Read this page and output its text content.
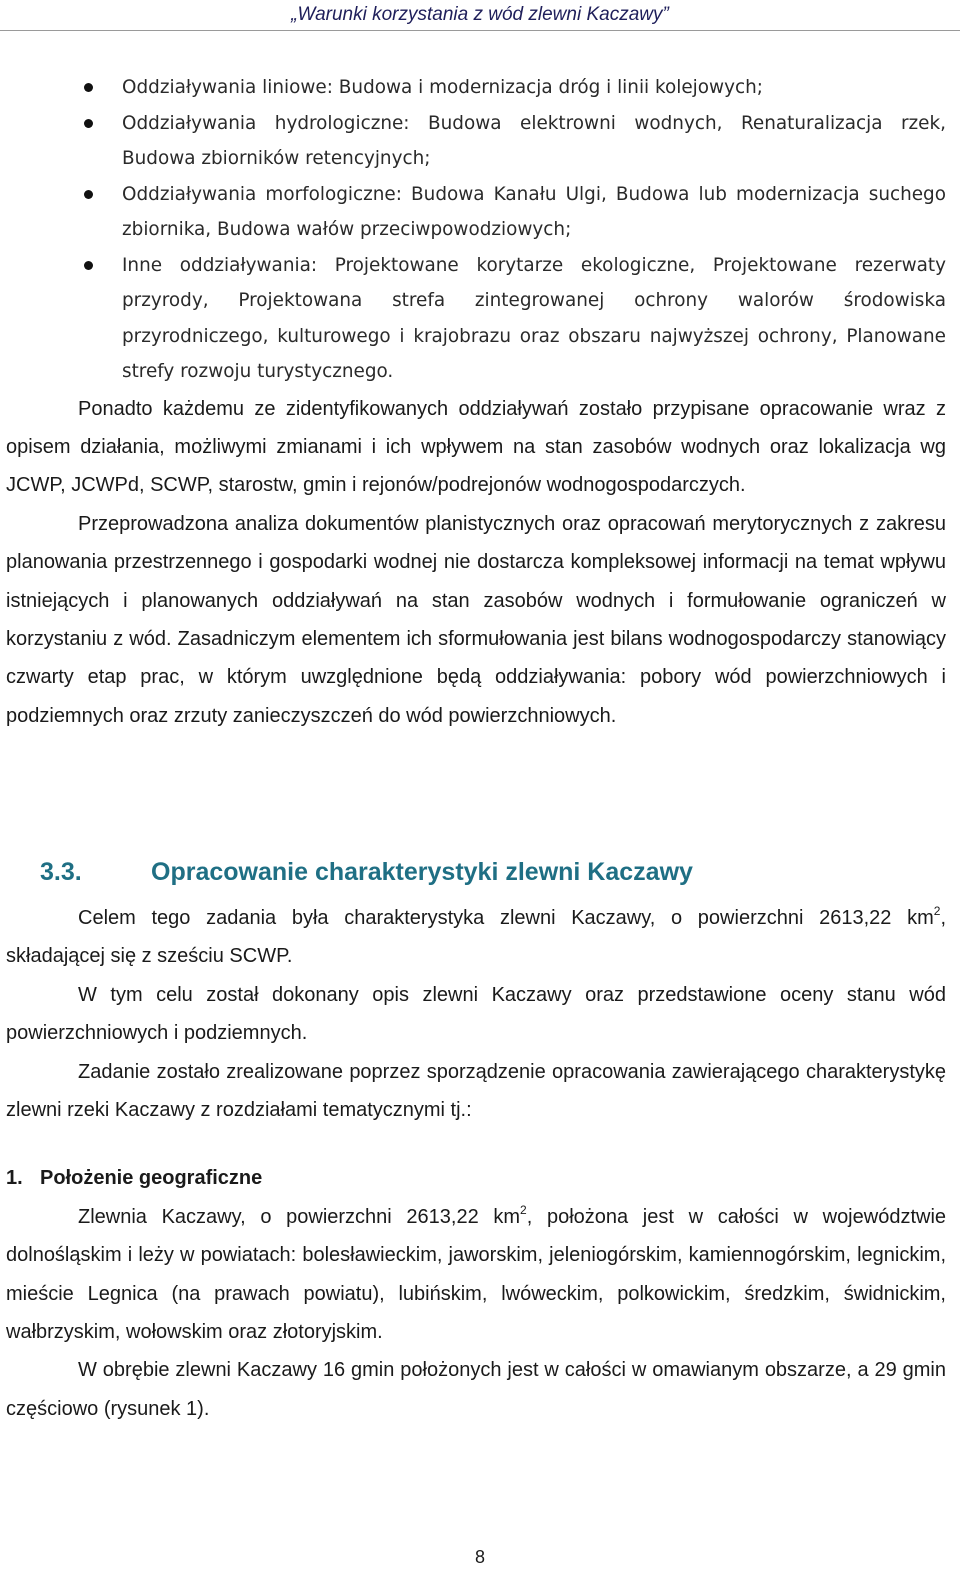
„Warunki korzystania z wód zlewni Kaczawy”
Oddziaływania liniowe: Budowa i modernizacja dróg i linii kolejowych;
Oddziaływania hydrologiczne: Budowa elektrowni wodnych, Renaturalizacja rzek, Budowa zbiorników retencyjnych;
Oddziaływania morfologiczne: Budowa Kanału Ulgi, Budowa lub modernizacja suchego zbiornika, Budowa wałów przeciwpowodziowych;
Inne oddziaływania: Projektowane korytarze ekologiczne, Projektowane rezerwaty przyrody, Projektowana strefa zintegrowanej ochrony walorów środowiska przyrodniczego, kulturowego i krajobrazu oraz obszaru najwyższej ochrony, Planowane strefy rozwoju turystycznego.

Ponadto każdemu ze zidentyfikowanych oddziaływań zostało przypisane opracowanie wraz z opisem działania, możliwymi zmianami i ich wpływem na stan zasobów wodnych oraz lokalizacja wg JCWP, JCWPd, SCWP, starostw, gmin i rejonów/podrejonów wodnogospodarczych.

Przeprowadzona analiza dokumentów planistycznych oraz opracowań merytorycznych z zakresu planowania przestrzennego i gospodarki wodnej nie dostarcza kompleksowej informacji na temat wpływu istniejących i planowanych oddziaływań na stan zasobów wodnych i formułowanie ograniczeń w korzystaniu z wód. Zasadniczym elementem ich sformułowania jest bilans wodnogospodarczy stanowiący czwarty etap prac, w którym uwzględnione będą oddziaływania: pobory wód powierzchniowych i podziemnych oraz zrzuty zanieczyszczeń do wód powierzchniowych.

3.3.	Opracowanie charakterystyki zlewni Kaczawy

Celem tego zadania była charakterystyka zlewni Kaczawy, o powierzchni 2613,22 $km^2$, składającej się z sześciu SCWP.

W tym celu został dokonany opis zlewni Kaczawy oraz przedstawione oceny stanu wód powierzchniowych i podziemnych.

Zadanie zostało zrealizowane poprzez sporządzenie opracowania zawierającego charakterystykę zlewni rzeki Kaczawy z rozdziałami tematycznymi tj.:

1. Położenie geograficzne

Zlewnia Kaczawy, o powierzchni 2613,22 $km^2$, położona jest w całości w województwie dolnośląskim i leży w powiatach: bolesławieckim, jaworskim, jeleniogórskim, kamiennogórskim, legnickim, mieście Legnica (na prawach powiatu), lubińskim, lwóweckim, polkowickim, średzkim, świdnickim, wałbrzyskim, wołowskim oraz złotoryjskim.

W obrębie zlewni Kaczawy 16 gmin położonych jest w całości w omawianym obszarze, a 29 gmin częściowo (rysunek 1).

8
